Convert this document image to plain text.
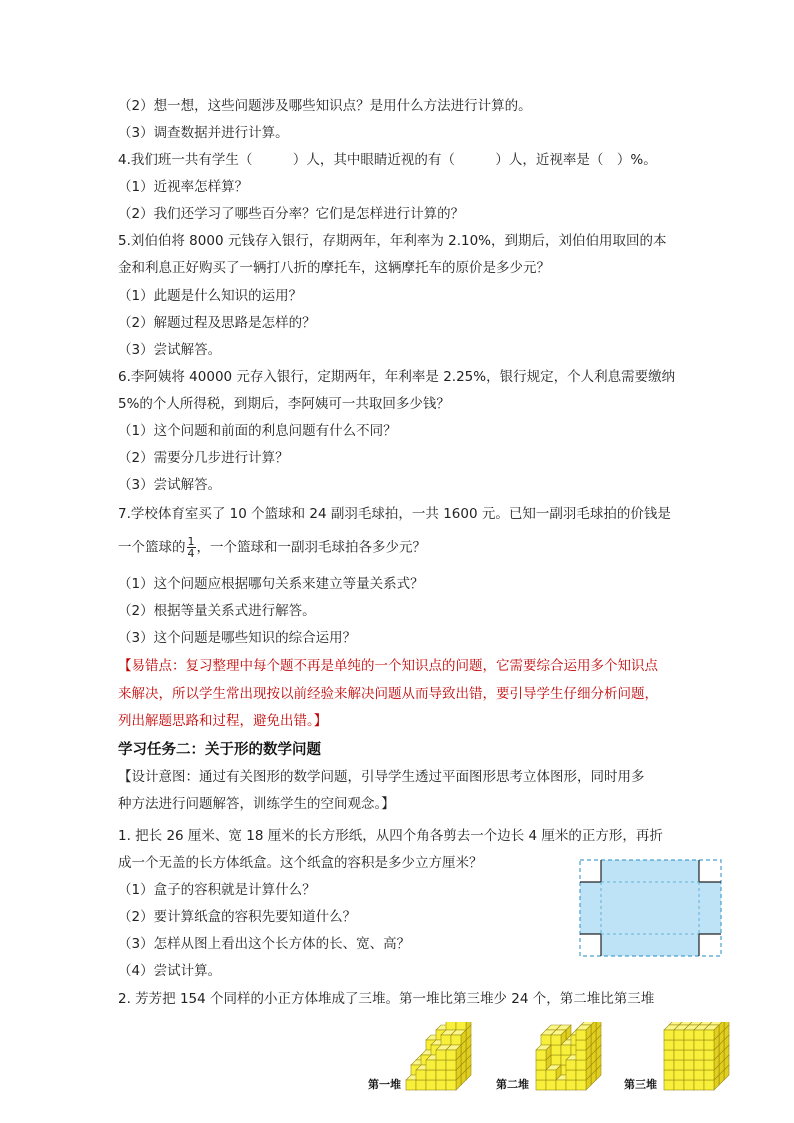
（2）想一想，这些问题涉及哪些知识点？是用什么方法进行计算的。
（3）调查数据并进行计算。
4.我们班一共有学生（　　　）人，其中眼睛近视的有（　　　）人，近视率是（　）%。
（1）近视率怎样算？
（2）我们还学习了哪些百分率？它们是怎样进行计算的？
5.刘伯伯将 8000 元钱存入银行，存期两年，年利率为 2.10%，到期后，刘伯伯用取回的本
金和利息正好购买了一辆打八折的摩托车，这辆摩托车的原价是多少元？
（1）此题是什么知识的运用？
（2）解题过程及思路是怎样的？
（3）尝试解答。
6.李阿姨将 40000 元存入银行，定期两年，年利率是 2.25%，银行规定，个人利息需要缴纳
5%的个人所得税，到期后，李阿姨可一共取回多少钱？
（1）这个问题和前面的利息问题有什么不同？
（2）需要分几步进行计算？
（3）尝试解答。
7.学校体育室买了 10 个篮球和 24 副羽毛球拍，一共 1600 元。已知一副羽毛球拍的价钱是
一个篮球的 $\frac{1}{4}$ ，一个篮球和一副羽毛球拍各多少元？
（1）这个问题应根据哪句关系来建立等量关系式？
（2）根据等量关系式进行解答。
（3）这个问题是哪些知识的综合运用？
【易错点：复习整理中每个题不再是单纯的一个知识点的问题，它需要综合运用多个知识点
来解决，所以学生常出现按以前经验来解决问题从而导致出错，要引导学生仔细分析问题，
列出解题思路和过程，避免出错。】
学习任务二：关于形的数学问题
【设计意图：通过有关图形的数学问题，引导学生透过平面图形思考立体图形，同时用多
种方法进行问题解答，训练学生的空间观念。】
1. 把长 26 厘米、宽 18 厘米的长方形纸，从四个角各剪去一个边长 4 厘米的正方形，再折
成一个无盖的长方体纸盒。这个纸盒的容积是多少立方厘米？
（1）盒子的容积就是计算什么？
（2）要计算纸盒的容积先要知道什么？
（3）怎样从图上看出这个长方体的长、宽、高？
（4）尝试计算。
2. 芳芳把 154 个同样的小正方体堆成了三堆。第一堆比第三堆少 24 个，第二堆比第三堆
第一堆	第二堆	第三堆
